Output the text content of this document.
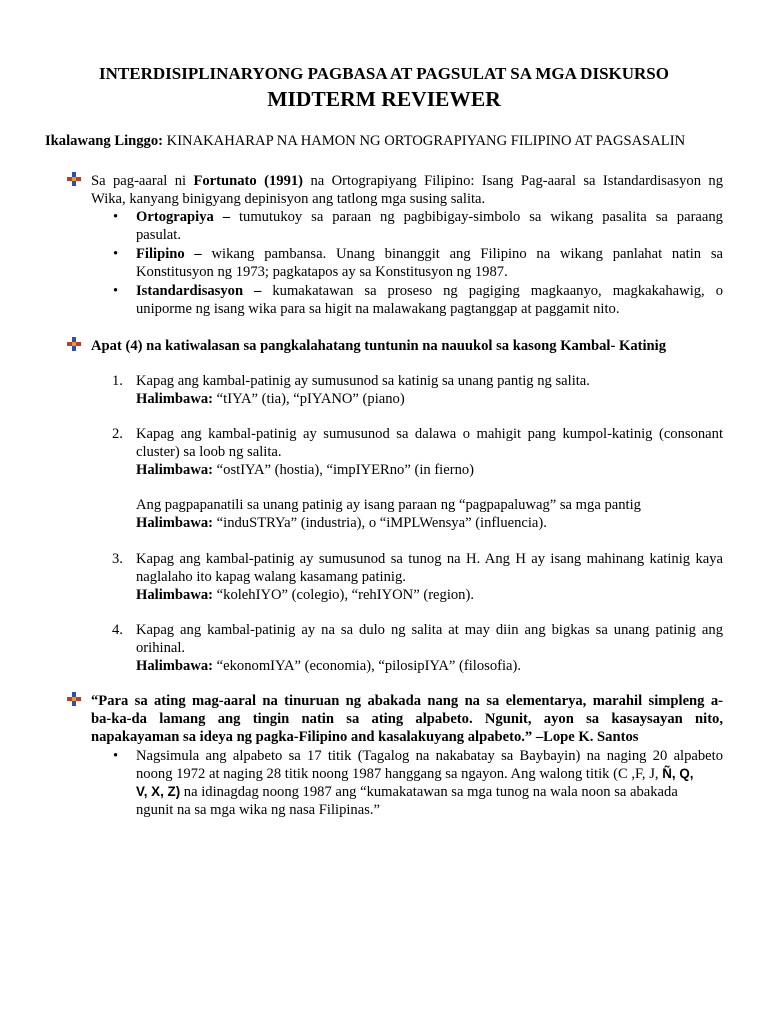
INTERDISIPLINARYONG PAGBASA AT PAGSULAT SA MGA DISKURSO
MIDTERM REVIEWER
Ikalawang Linggo: KINAKAHARAP NA HAMON NG ORTOGRAPIYANG FILIPINO AT PAGSASALIN
Sa pag-aaral ni Fortunato (1991) na Ortograpiyang Filipino: Isang Pag-aaral sa Istandardisasyon ng
Wika, kanyang binigyang depinisyon ang tatlong mga susing salita.
•	Ortograpiya – tumutukoy sa paraan ng pagbibigay-simbolo sa wikang pasalita sa paraang
pasulat.
•	Filipino – wikang pambansa. Unang binanggit ang Filipino na wikang panlahat natin sa
Konstitusyon ng 1973; pagkatapos ay sa Konstitusyon ng 1987.
•	Istandardisasyon – kumakatawan sa proseso ng pagiging magkaanyo, magkakahawig, o
uniporme ng isang wika para sa higit na malawakang pagtanggap at paggamit nito.
Apat (4) na katiwalasan sa pangkalahatang tuntunin na nauukol sa kasong Kambal- Katinig
1. Kapag ang kambal-patinig ay sumusunod sa katinig sa unang pantig ng salita.
Halimbawa: “tIYA” (tia), “pIYANO” (piano)
2. Kapag ang kambal-patinig ay sumusunod sa dalawa o mahigit pang kumpol-katinig (consonant
cluster) sa loob ng salita.
Halimbawa: “ostIYA” (hostia), “impIYERno” (in fierno)
Ang pagpapanatili sa unang patinig ay isang paraan ng “pagpapaluwag” sa mga pantig
Halimbawa: “induSTRYa” (industria), o “iMPLWensya” (influencia).
3. Kapag ang kambal-patinig ay sumusunod sa tunog na H. Ang H ay isang mahinang katinig kaya
naglalaho ito kapag walang kasamang patinig.
Halimbawa: “kolehIYO” (colegio), “rehIYON” (region).
4. Kapag ang kambal-patinig ay na sa dulo ng salita at may diin ang bigkas sa unang patinig ang
orihinal.
Halimbawa: “ekonomIYA” (economia), “pilosipIYA” (filosofia).
“Para sa ating mag-aaral na tinuruan ng abakada nang na sa elementarya, marahil simpleng a-
ba-ka-da lamang ang tingin natin sa ating alpabeto. Ngunit, ayon sa kasaysayan nito,
napakayaman sa ideya ng pagka-Filipino and kasalakuyang alpabeto.” –Lope K. Santos
•	Nagsimula ang alpabeto sa 17 titik (Tagalog na nakabatay sa Baybayin) na naging 20 alpabeto
noong 1972 at naging 28 titik noong 1987 hanggang sa ngayon. Ang walong titik (C ,F, J, Ñ, Q,
V, X, Z) na idinagdag noong 1987 ang “kumakatawan sa mga tunog na wala noon sa abakada
ngunit na sa mga wika ng nasa Filipinas.”
